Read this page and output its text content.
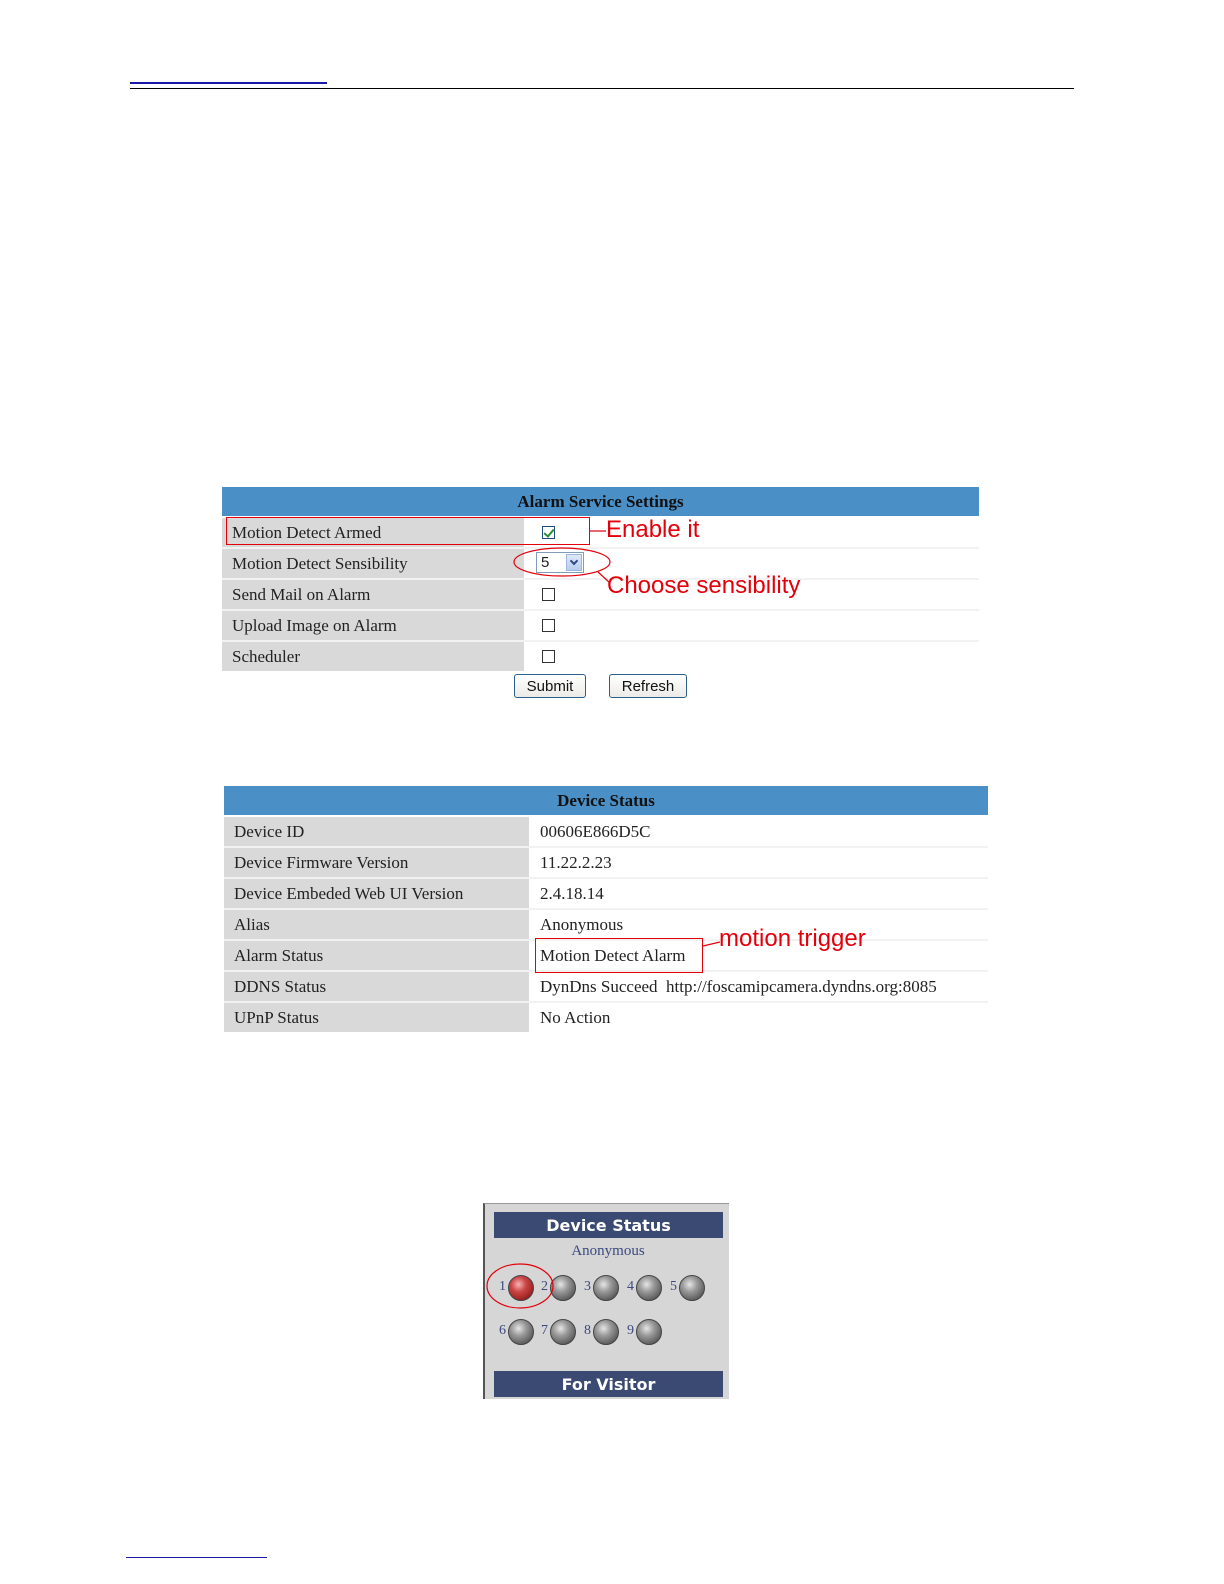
Alarm Service Settings
Motion Detect Armed
Motion Detect Sensibility	5
Send Mail on Alarm
Upload Image on Alarm
Scheduler
Submit	Refresh
Enable it
Choose sensibility
Device Status
Device ID	00606E866D5C
Device Firmware Version	11.22.2.23
Device Embeded Web UI Version	2.4.18.14
Alias	Anonymous
Alarm Status	Motion Detect Alarm
DDNS Status	DynDns Succeed  http://foscamipcamera.dyndns.org:8085
UPnP Status	No Action
motion trigger
Device Status
Anonymous
1	2	3	4	5
6	7	8	9
For Visitor
